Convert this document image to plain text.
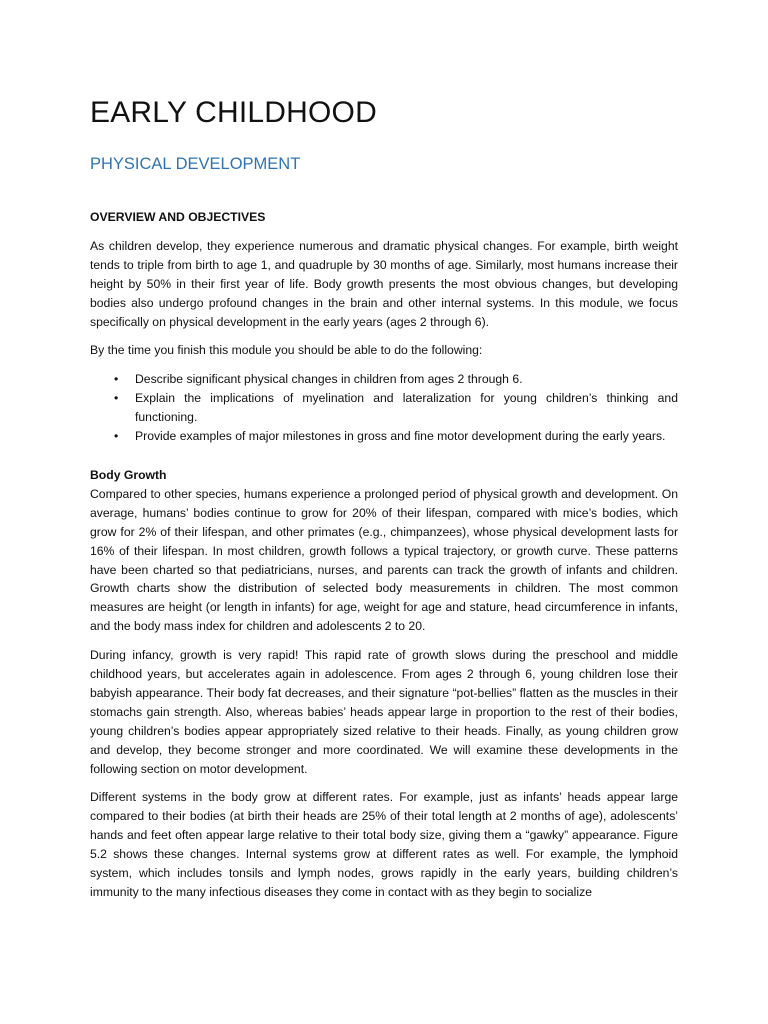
EARLY CHILDHOOD
PHYSICAL DEVELOPMENT

OVERVIEW AND OBJECTIVES

As children develop, they experience numerous and dramatic physical changes. For example, birth weight tends to triple from birth to age 1, and quadruple by 30 months of age. Similarly, most humans increase their height by 50% in their first year of life. Body growth presents the most obvious changes, but developing bodies also undergo profound changes in the brain and other internal systems. In this module, we focus specifically on physical development in the early years (ages 2 through 6).

By the time you finish this module you should be able to do the following:

• Describe significant physical changes in children from ages 2 through 6.
• Explain the implications of myelination and lateralization for young children’s thinking and functioning.
• Provide examples of major milestones in gross and fine motor development during the early years.

Body Growth

Compared to other species, humans experience a prolonged period of physical growth and development. On average, humans’ bodies continue to grow for 20% of their lifespan, compared with mice’s bodies, which grow for 2% of their lifespan, and other primates (e.g., chimpanzees), whose physical development lasts for 16% of their lifespan. In most children, growth follows a typical trajectory, or growth curve. These patterns have been charted so that pediatricians, nurses, and parents can track the growth of infants and children. Growth charts show the distribution of selected body measurements in children. The most common measures are height (or length in infants) for age, weight for age and stature, head circumference in infants, and the body mass index for children and adolescents 2 to 20.

During infancy, growth is very rapid! This rapid rate of growth slows during the preschool and middle childhood years, but accelerates again in adolescence. From ages 2 through 6, young children lose their babyish appearance. Their body fat decreases, and their signature “pot-bellies” flatten as the muscles in their stomachs gain strength. Also, whereas babies’ heads appear large in proportion to the rest of their bodies, young children’s bodies appear appropriately sized relative to their heads. Finally, as young children grow and develop, they become stronger and more coordinated. We will examine these developments in the following section on motor development.

Different systems in the body grow at different rates. For example, just as infants’ heads appear large compared to their bodies (at birth their heads are 25% of their total length at 2 months of age), adolescents’ hands and feet often appear large relative to their total body size, giving them a “gawky” appearance. Figure 5.2 shows these changes. Internal systems grow at different rates as well. For example, the lymphoid system, which includes tonsils and lymph nodes, grows rapidly in the early years, building children’s immunity to the many infectious diseases they come in contact with as they begin to socialize
